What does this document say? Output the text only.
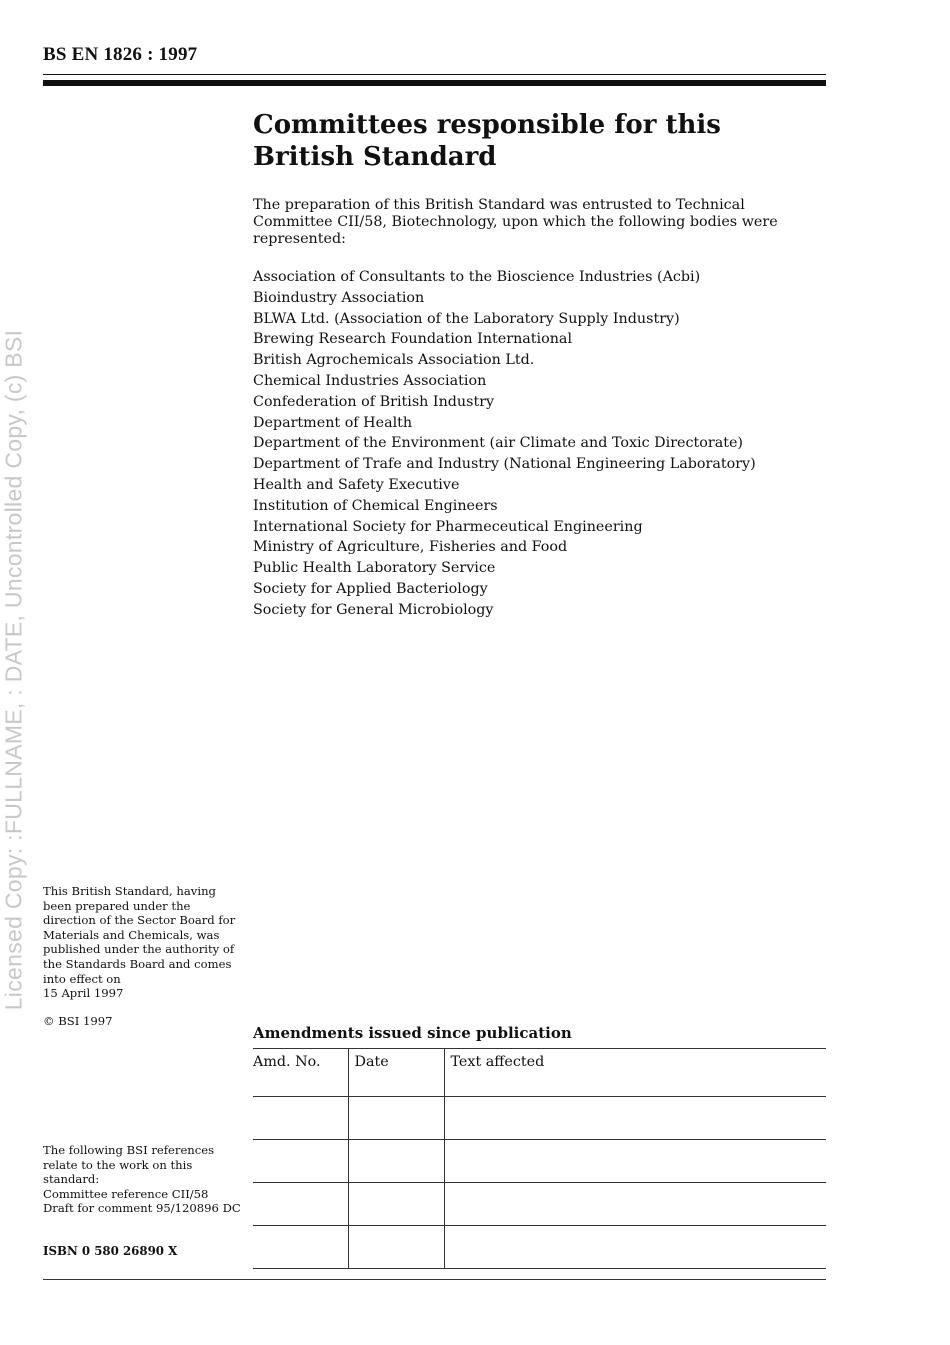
BS EN 1826 : 1997
Committees responsible for this British Standard

The preparation of this British Standard was entrusted to Technical Committee CII/58, Biotechnology, upon which the following bodies were represented:

Association of Consultants to the Bioscience Industries (Acbi)
Bioindustry Association
BLWA Ltd. (Association of the Laboratory Supply Industry)
Brewing Research Foundation International
British Agrochemicals Association Ltd.
Chemical Industries Association
Confederation of British Industry
Department of Health
Department of the Environment (air Climate and Toxic Directorate)
Department of Trafe and Industry (National Engineering Laboratory)
Health and Safety Executive
Institution of Chemical Engineers
International Society for Pharmeceutical Engineering
Ministry of Agriculture, Fisheries and Food
Public Health Laboratory Service
Society for Applied Bacteriology
Society for General Microbiology
Licensed Copy: :FULLNAME, : DATE, Uncontrolled Copy, (c) BSI This British Standard, having been prepared under the direction of the Sector Board for Materials and Chemicals, was published under the authority of the Standards Board and comes into effect on
15 April 1997
© BSI 1997
The following BSI references relate to the work on this standard:
Committee reference CII/58
Draft for comment 95/120896 DC
ISBN 0 580 26890 X
Amendments issued since publication
Amd. No.	Date	Text affected
